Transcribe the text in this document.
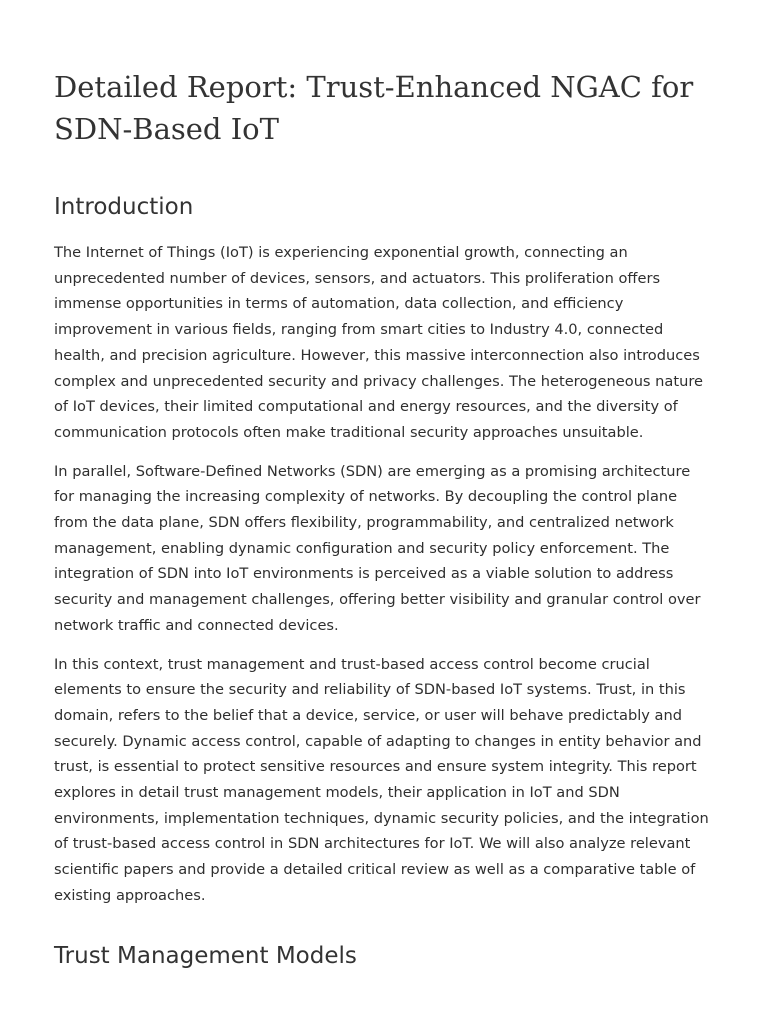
Detailed Report: Trust-Enhanced NGAC for SDN-Based IoT
Introduction

The Internet of Things (IoT) is experiencing exponential growth, connecting an unprecedented number of devices, sensors, and actuators. This proliferation offers immense opportunities in terms of automation, data collection, and efficiency improvement in various fields, ranging from smart cities to Industry 4.0, connected health, and precision agriculture. However, this massive interconnection also introduces complex and unprecedented security and privacy challenges. The heterogeneous nature of IoT devices, their limited computational and energy resources, and the diversity of communication protocols often make traditional security approaches unsuitable.

In parallel, Software-Defined Networks (SDN) are emerging as a promising architecture for managing the increasing complexity of networks. By decoupling the control plane from the data plane, SDN offers flexibility, programmability, and centralized network management, enabling dynamic configuration and security policy enforcement. The integration of SDN into IoT environments is perceived as a viable solution to address security and management challenges, offering better visibility and granular control over network traffic and connected devices.

In this context, trust management and trust-based access control become crucial elements to ensure the security and reliability of SDN-based IoT systems. Trust, in this domain, refers to the belief that a device, service, or user will behave predictably and securely. Dynamic access control, capable of adapting to changes in entity behavior and trust, is essential to protect sensitive resources and ensure system integrity. This report explores in detail trust management models, their application in IoT and SDN environments, implementation techniques, dynamic security policies, and the integration of trust-based access control in SDN architectures for IoT. We will also analyze relevant scientific papers and provide a detailed critical review as well as a comparative table of existing approaches.

Trust Management Models
